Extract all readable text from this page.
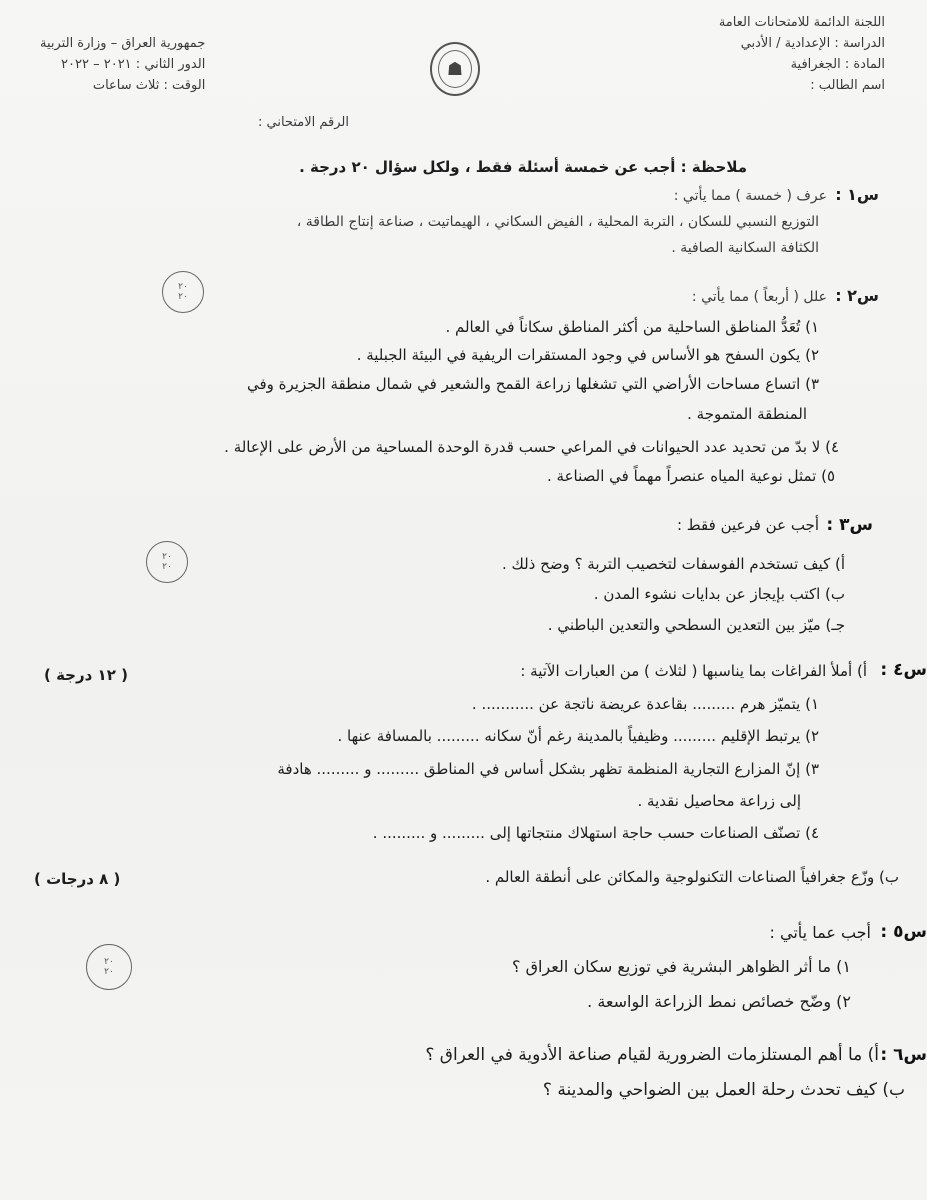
اللجنة الدائمة للامتحانات العامة
الدراسة : الإعدادية / الأدبي
المادة : الجغرافية
اسم الطالب :
☗
جمهورية العراق – وزارة التربية
الدور الثاني : ٢٠٢١ – ٢٠٢٢
الوقت : ثلاث ساعات
الرقم الامتحاني :
ملاحظة : أجب عن خمسة أسئلة فقط ، ولكل سؤال ٢٠ درجة .
س١ :
عرف ( خمسة ) مما يأتي :
التوزيع النسبي للسكان ، التربة المحلية ، الفيض السكاني ، الهيماتيت ، صناعة إنتاج الطاقة ،
الكثافة السكانية الصافية .
٢٠
٢٠	س٢ :
علل ( أربعاً ) مما يأتي :
١) تُعَدُّ المناطق الساحلية من أكثر المناطق سكاناً في العالم .
٢) يكون السفح هو الأساس في وجود المستقرات الريفية في البيئة الجبلية .
٣) اتساع مساحات الأراضي التي تشغلها زراعة القمح والشعير في شمال منطقة الجزيرة وفي
المنطقة المتموجة .
٤) لا بدّ من تحديد عدد الحيوانات في المراعي حسب قدرة الوحدة المساحية من الأرض على الإعالة .
٥) تمثل نوعية المياه عنصراً مهماً في الصناعة .
س٣ :
أجب عن فرعين فقط :
أ) كيف تستخدم الفوسفات لتخصيب التربة ؟ وضح ذلك .
ب) اكتب بإيجاز عن بدايات نشوء المدن .
جـ) ميّز بين التعدين السطحي والتعدين الباطني .
٢٠
٢٠
س٤ :
أ) أملأ الفراغات بما يناسبها ( لثلاث ) من العبارات الآتية :
( ١٢ درجة )
١) يتميّز هرم ......... بقاعدة عريضة ناتجة عن ........... .
٢) يرتبط الإقليم ......... وظيفياً بالمدينة رغم أنّ سكانه ......... بالمسافة عنها .
٣) إنّ المزارع التجارية المنظمة تظهر بشكل أساس في المناطق ......... و ......... هادفة
إلى زراعة محاصيل نقدية .
٤) تصنّف الصناعات حسب حاجة استهلاك منتجاتها إلى ......... و ......... .
ب) وزّع جغرافياً الصناعات التكنولوجية والمكائن على أنطقة العالم .
( ٨ درجات )
س٥ :
أجب عما يأتي :
١) ما أثر الظواهر البشرية في توزيع سكان العراق ؟
٢) وضّح خصائص نمط الزراعة الواسعة .
٢٠
٢٠
س٦ :
أ) ما أهم المستلزمات الضرورية لقيام صناعة الأدوية في العراق ؟
ب) كيف تحدث رحلة العمل بين الضواحي والمدينة ؟
